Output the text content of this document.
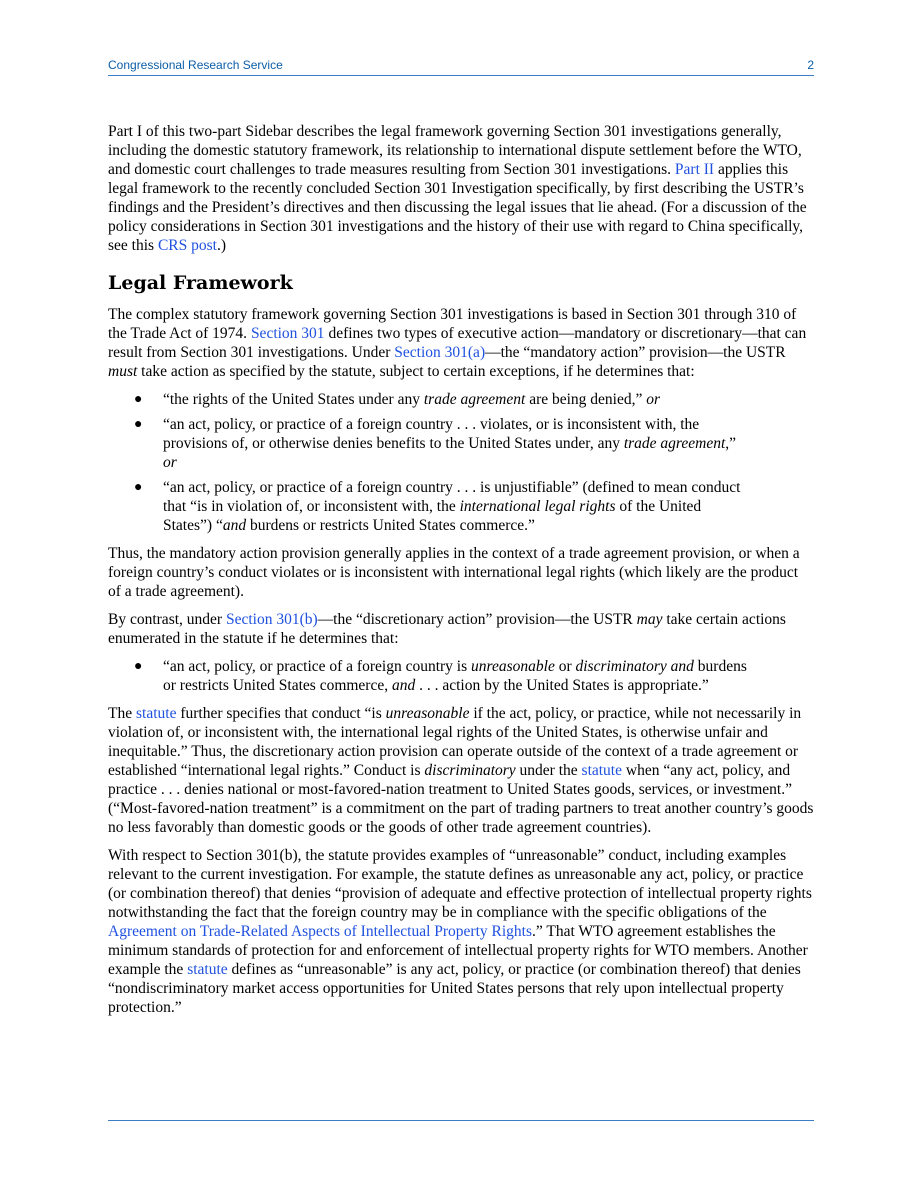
Congressional Research Service	2

Part I of this two-part Sidebar describes the legal framework governing Section 301 investigations generally, including the domestic statutory framework, its relationship to international dispute settlement before the WTO, and domestic court challenges to trade measures resulting from Section 301 investigations. Part II applies this legal framework to the recently concluded Section 301 Investigation specifically, by first describing the USTR’s findings and the President’s directives and then discussing the legal issues that lie ahead. (For a discussion of the policy considerations in Section 301 investigations and the history of their use with regard to China specifically, see this CRS post.)

Legal Framework

The complex statutory framework governing Section 301 investigations is based in Section 301 through 310 of the Trade Act of 1974. Section 301 defines two types of executive action—mandatory or discretionary—that can result from Section 301 investigations. Under Section 301(a)—the “mandatory action” provision—the USTR must take action as specified by the statute, subject to certain exceptions, if he determines that:

● “the rights of the United States under any trade agreement are being denied,” or
● “an act, policy, or practice of a foreign country . . . violates, or is inconsistent with, the provisions of, or otherwise denies benefits to the United States under, any trade agreement,” or
● “an act, policy, or practice of a foreign country . . . is unjustifiable” (defined to mean conduct that “is in violation of, or inconsistent with, the international legal rights of the United States”) “and burdens or restricts United States commerce.”

Thus, the mandatory action provision generally applies in the context of a trade agreement provision, or when a foreign country’s conduct violates or is inconsistent with international legal rights (which likely are the product of a trade agreement).

By contrast, under Section 301(b)—the “discretionary action” provision—the USTR may take certain actions enumerated in the statute if he determines that:

● “an act, policy, or practice of a foreign country is unreasonable or discriminatory and burdens or restricts United States commerce, and . . . action by the United States is appropriate.”

The statute further specifies that conduct “is unreasonable if the act, policy, or practice, while not necessarily in violation of, or inconsistent with, the international legal rights of the United States, is otherwise unfair and inequitable.” Thus, the discretionary action provision can operate outside of the context of a trade agreement or established “international legal rights.” Conduct is discriminatory under the statute when “any act, policy, and practice . . . denies national or most-favored-nation treatment to United States goods, services, or investment.” (“Most-favored-nation treatment” is a commitment on the part of trading partners to treat another country’s goods no less favorably than domestic goods or the goods of other trade agreement countries).

With respect to Section 301(b), the statute provides examples of “unreasonable” conduct, including examples relevant to the current investigation. For example, the statute defines as unreasonable any act, policy, or practice (or combination thereof) that denies “provision of adequate and effective protection of intellectual property rights notwithstanding the fact that the foreign country may be in compliance with the specific obligations of the Agreement on Trade-Related Aspects of Intellectual Property Rights.” That WTO agreement establishes the minimum standards of protection for and enforcement of intellectual property rights for WTO members. Another example the statute defines as “unreasonable” is any act, policy, or practice (or combination thereof) that denies “nondiscriminatory market access opportunities for United States persons that rely upon intellectual property protection.”
